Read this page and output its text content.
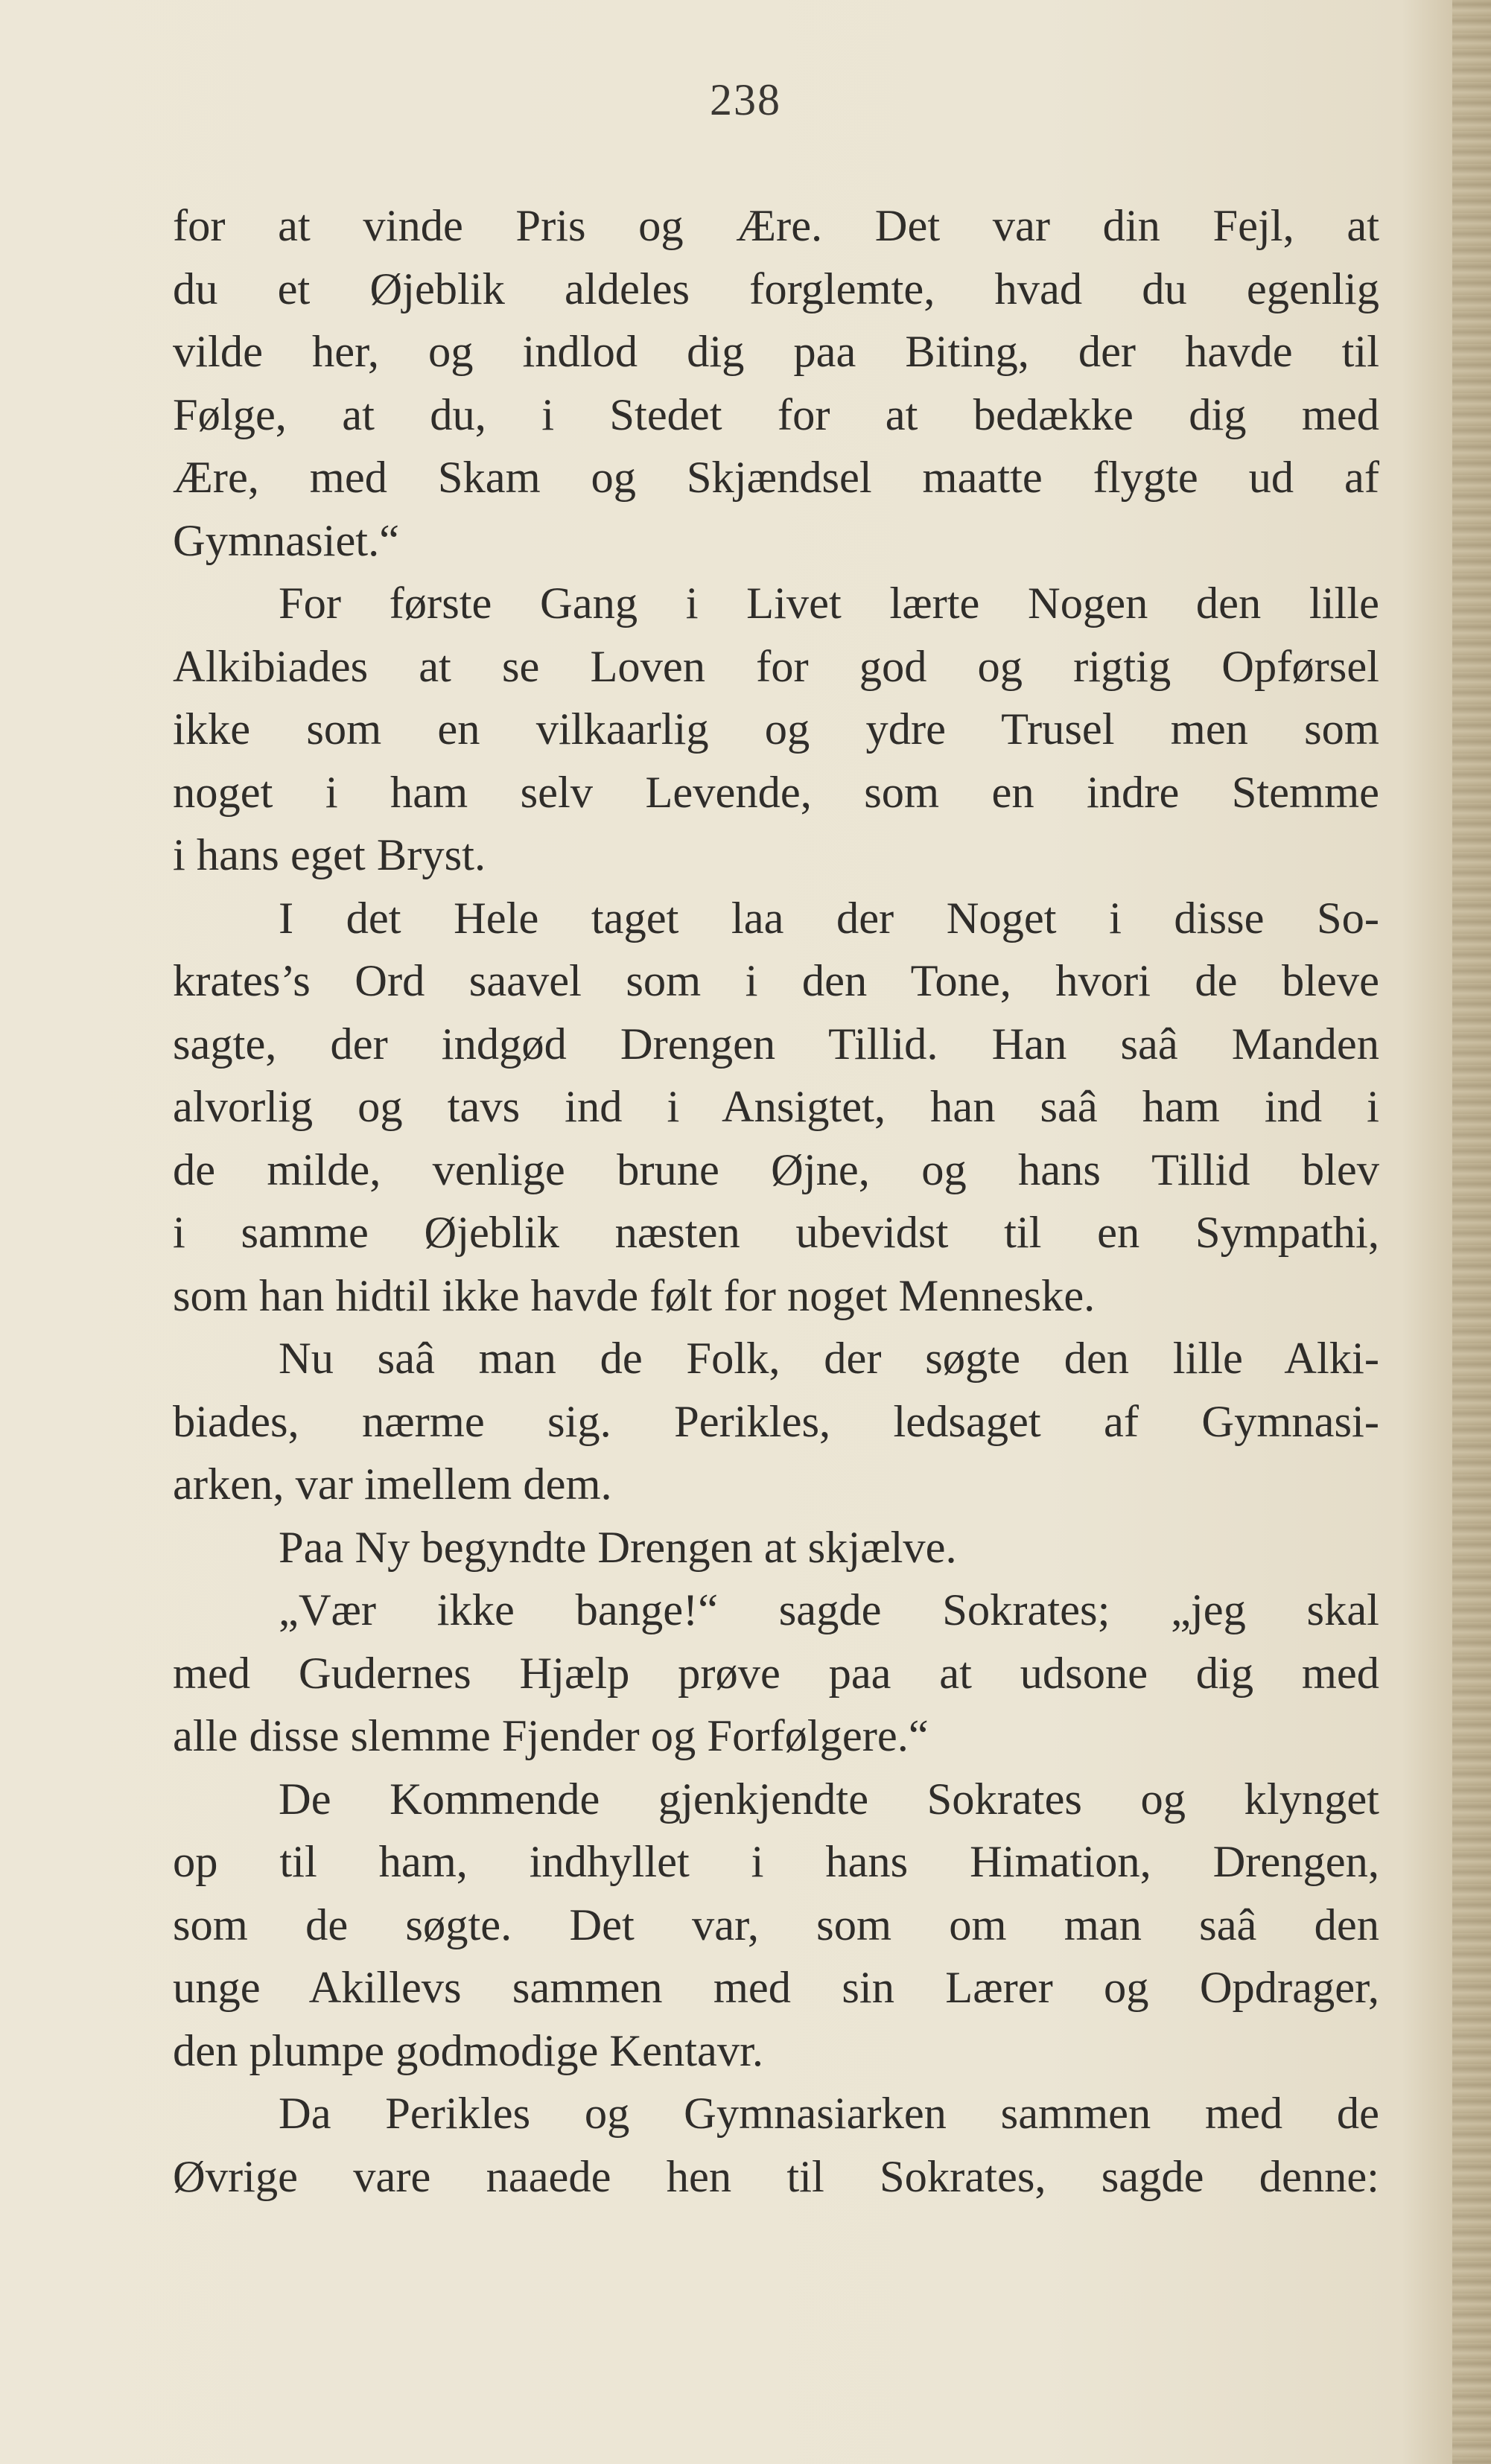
238
for at vinde Pris og Ære. Det var din Fejl, at
du et Øjeblik aldeles forglemte, hvad du egenlig
vilde her, og indlod dig paa Biting, der havde til
Følge, at du, i Stedet for at bedække dig med
Ære, med Skam og Skjændsel maatte flygte ud af
Gymnasiet.“
For første Gang i Livet lærte Nogen den lille
Alkibiades at se Loven for god og rigtig Opførsel
ikke som en vilkaarlig og ydre Trusel men som
noget i ham selv Levende, som en indre Stemme
i hans eget Bryst.
I det Hele taget laa der Noget i disse So-
krates’s Ord saavel som i den Tone, hvori de bleve
sagte, der indgød Drengen Tillid. Han saâ Manden
alvorlig og tavs ind i Ansigtet, han saâ ham ind i
de milde, venlige brune Øjne, og hans Tillid blev
i samme Øjeblik næsten ubevidst til en Sympathi,
som han hidtil ikke havde følt for noget Menneske.
Nu saâ man de Folk, der søgte den lille Alki-
biades, nærme sig. Perikles, ledsaget af Gymnasi-
arken, var imellem dem.
Paa Ny begyndte Drengen at skjælve.
„Vær ikke bange!“ sagde Sokrates; „jeg skal
med Gudernes Hjælp prøve paa at udsone dig med
alle disse slemme Fjender og Forfølgere.“
De Kommende gjenkjendte Sokrates og klynget
op til ham, indhyllet i hans Himation, Drengen,
som de søgte. Det var, som om man saâ den
unge Akillevs sammen med sin Lærer og Opdrager,
den plumpe godmodige Kentavr.
Da Perikles og Gymnasiarken sammen med de
Øvrige vare naaede hen til Sokrates, sagde denne:
